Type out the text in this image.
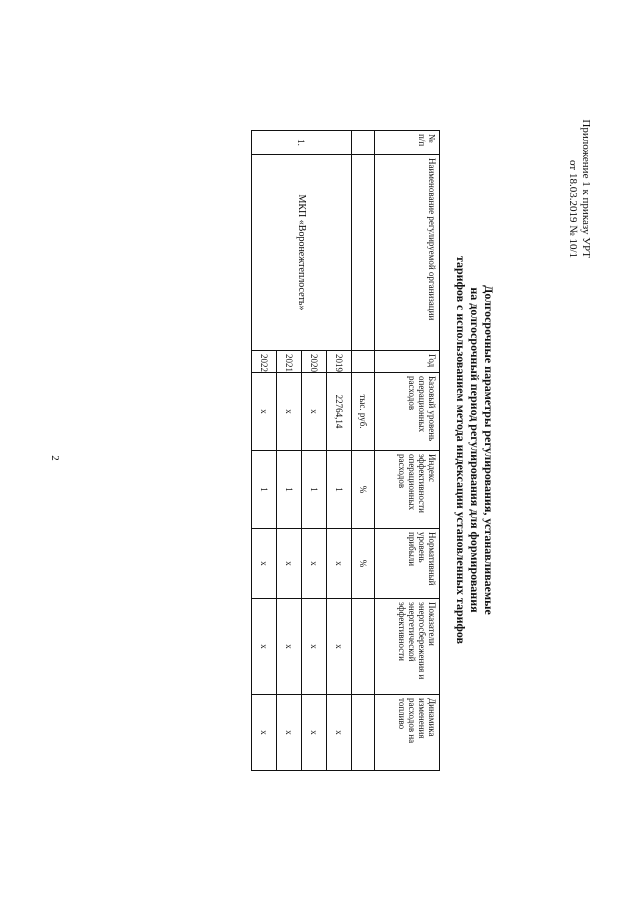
2
Приложение 1 к приказу УРТ
от 18.03.2019 № 10/1
Долгосрочные параметры регулирования, устанавливаемые
на долгосрочный период регулирования для формирования
тарифов с использованием метода индексации установленных тарифов
№ п/п	Наименование регулируемой организации	Год	Базовый уровень операционных расходов	Индекс эффективности операционных расходов	Нормативный уровень прибыли	Показатели энергосбережения и энергетической эффективности	Динамика изменения расходов на топливо
			тыс. руб.	%	%		
1.	МКП «Воронежтеплосеть»	2019	22764,14	1	x	x	x
		2020	x	1	x	x	x
		2021	x	1	x	x	x
		2022	x	1	x	x	x
